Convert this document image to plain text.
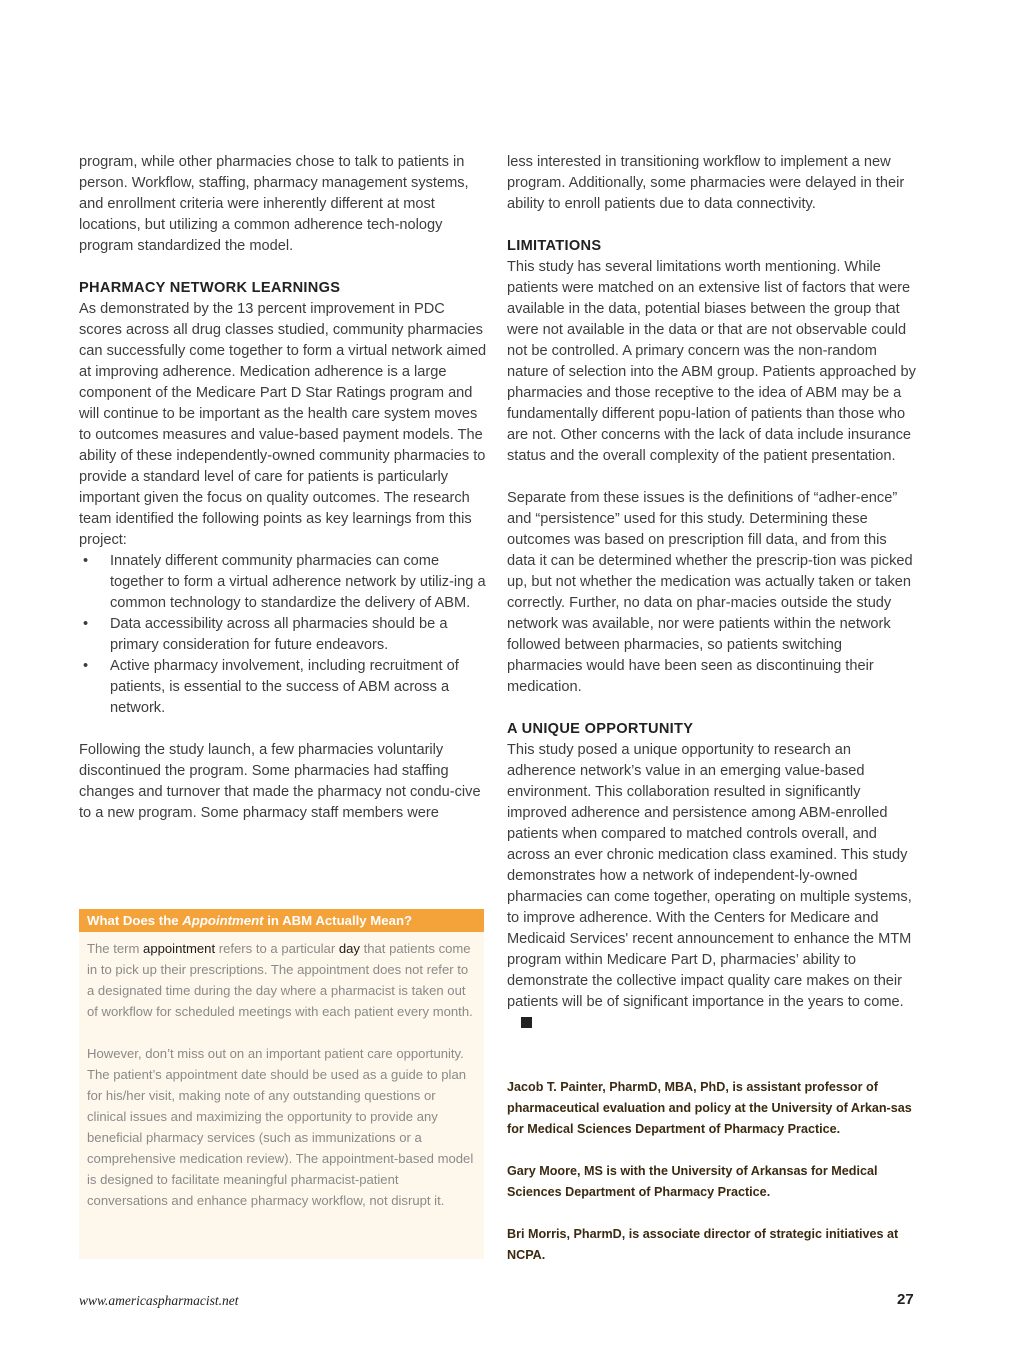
program, while other pharmacies chose to talk to patients in person. Workflow, staffing, pharmacy management systems, and enrollment criteria were inherently different at most locations, but utilizing a common adherence tech-nology program standardized the model.

PHARMACY NETWORK LEARNINGS

As demonstrated by the 13 percent improvement in PDC scores across all drug classes studied, community pharmacies can successfully come together to form a virtual network aimed at improving adherence. Medication adherence is a large component of the Medicare Part D Star Ratings program and will continue to be important as the health care system moves to outcomes measures and value-based payment models. The ability of these independently-owned community pharmacies to provide a standard level of care for patients is particularly important given the focus on quality outcomes. The research team identified the following points as key learnings from this project:

• Innately different community pharmacies can come together to form a virtual adherence network by utiliz-ing a common technology to standardize the delivery of ABM.
• Data accessibility across all pharmacies should be a primary consideration for future endeavors.
• Active pharmacy involvement, including recruitment of patients, is essential to the success of ABM across a network.

Following the study launch, a few pharmacies voluntarily discontinued the program. Some pharmacies had staffing changes and turnover that made the pharmacy not condu-cive to a new program. Some pharmacy staff members were

What Does the Appointment in ABM Actually Mean?

The term appointment refers to a particular day that patients come in to pick up their prescriptions. The appointment does not refer to a designated time during the day where a pharmacist is taken out of workflow for scheduled meetings with each patient every month.

However, don’t miss out on an important patient care opportunity. The patient’s appointment date should be used as a guide to plan for his/her visit, making note of any outstanding questions or clinical issues and maximizing the opportunity to provide any beneficial pharmacy services (such as immunizations or a comprehensive medication review). The appointment-based model is designed to facilitate meaningful pharmacist-patient conversations and enhance pharmacy workflow, not disrupt it.

less interested in transitioning workflow to implement a new program. Additionally, some pharmacies were delayed in their ability to enroll patients due to data connectivity.

LIMITATIONS

This study has several limitations worth mentioning. While patients were matched on an extensive list of factors that were available in the data, potential biases between the group that were not available in the data or that are not observable could not be controlled. A primary concern was the non-random nature of selection into the ABM group. Patients approached by pharmacies and those receptive to the idea of ABM may be a fundamentally different popu-lation of patients than those who are not. Other concerns with the lack of data include insurance status and the overall complexity of the patient presentation.

Separate from these issues is the definitions of “adher-ence” and “persistence” used for this study. Determining these outcomes was based on prescription fill data, and from this data it can be determined whether the prescrip-tion was picked up, but not whether the medication was actually taken or taken correctly. Further, no data on phar-macies outside the study network was available, nor were patients within the network followed between pharmacies, so patients switching pharmacies would have been seen as discontinuing their medication.

A UNIQUE OPPORTUNITY

This study posed a unique opportunity to research an adherence network’s value in an emerging value-based environment. This collaboration resulted in significantly improved adherence and persistence among ABM-enrolled patients when compared to matched controls overall, and across an ever chronic medication class examined. This study demonstrates how a network of independent-ly-owned pharmacies can come together, operating on multiple systems, to improve adherence. With the Centers for Medicare and Medicaid Services' recent announcement to enhance the MTM program within Medicare Part D, pharmacies’ ability to demonstrate the collective impact quality care makes on their patients will be of significant importance in the years to come.

Jacob T. Painter, PharmD, MBA, PhD, is assistant professor of pharmaceutical evaluation and policy at the University of Arkan-sas for Medical Sciences Department of Pharmacy Practice.

Gary Moore, MS is with the University of Arkansas for Medical Sciences Department of Pharmacy Practice.

Bri Morris, PharmD, is associate director of strategic initiatives at NCPA.

www.americaspharmacist.net	27
